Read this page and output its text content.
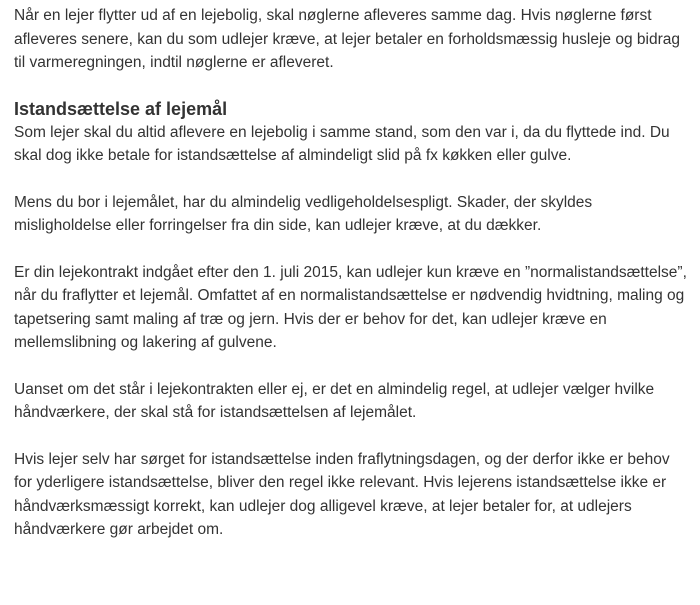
Når en lejer flytter ud af en lejebolig, skal nøglerne afleveres samme dag. Hvis nøglerne først afleveres senere, kan du som udlejer kræve, at lejer betaler en forholdsmæssig husleje og bidrag til varmeregningen, indtil nøglerne er afleveret.

Istandsættelse af lejemål

Som lejer skal du altid aflevere en lejebolig i samme stand, som den var i, da du flyttede ind. Du skal dog ikke betale for istandsættelse af almindeligt slid på fx køkken eller gulve.

Mens du bor i lejemålet, har du almindelig vedligeholdelsespligt. Skader, der skyldes misligholdelse eller forringelser fra din side, kan udlejer kræve, at du dækker.

Er din lejekontrakt indgået efter den 1. juli 2015, kan udlejer kun kræve en ”normalistandsættelse”, når du fraflytter et lejemål. Omfattet af en normalistandsættelse er nødvendig hvidtning, maling og tapetsering samt maling af træ og jern. Hvis der er behov for det, kan udlejer kræve en mellemslibning og lakering af gulvene.

Uanset om det står i lejekontrakten eller ej, er det en almindelig regel, at udlejer vælger hvilke håndværkere, der skal stå for istandsættelsen af lejemålet.

Hvis lejer selv har sørget for istandsættelse inden fraflytningsdagen, og der derfor ikke er behov for yderligere istandsættelse, bliver den regel ikke relevant. Hvis lejerens istandsættelse ikke er håndværksmæssigt korrekt, kan udlejer dog alligevel kræve, at lejer betaler for, at udlejers håndværkere gør arbejdet om.
